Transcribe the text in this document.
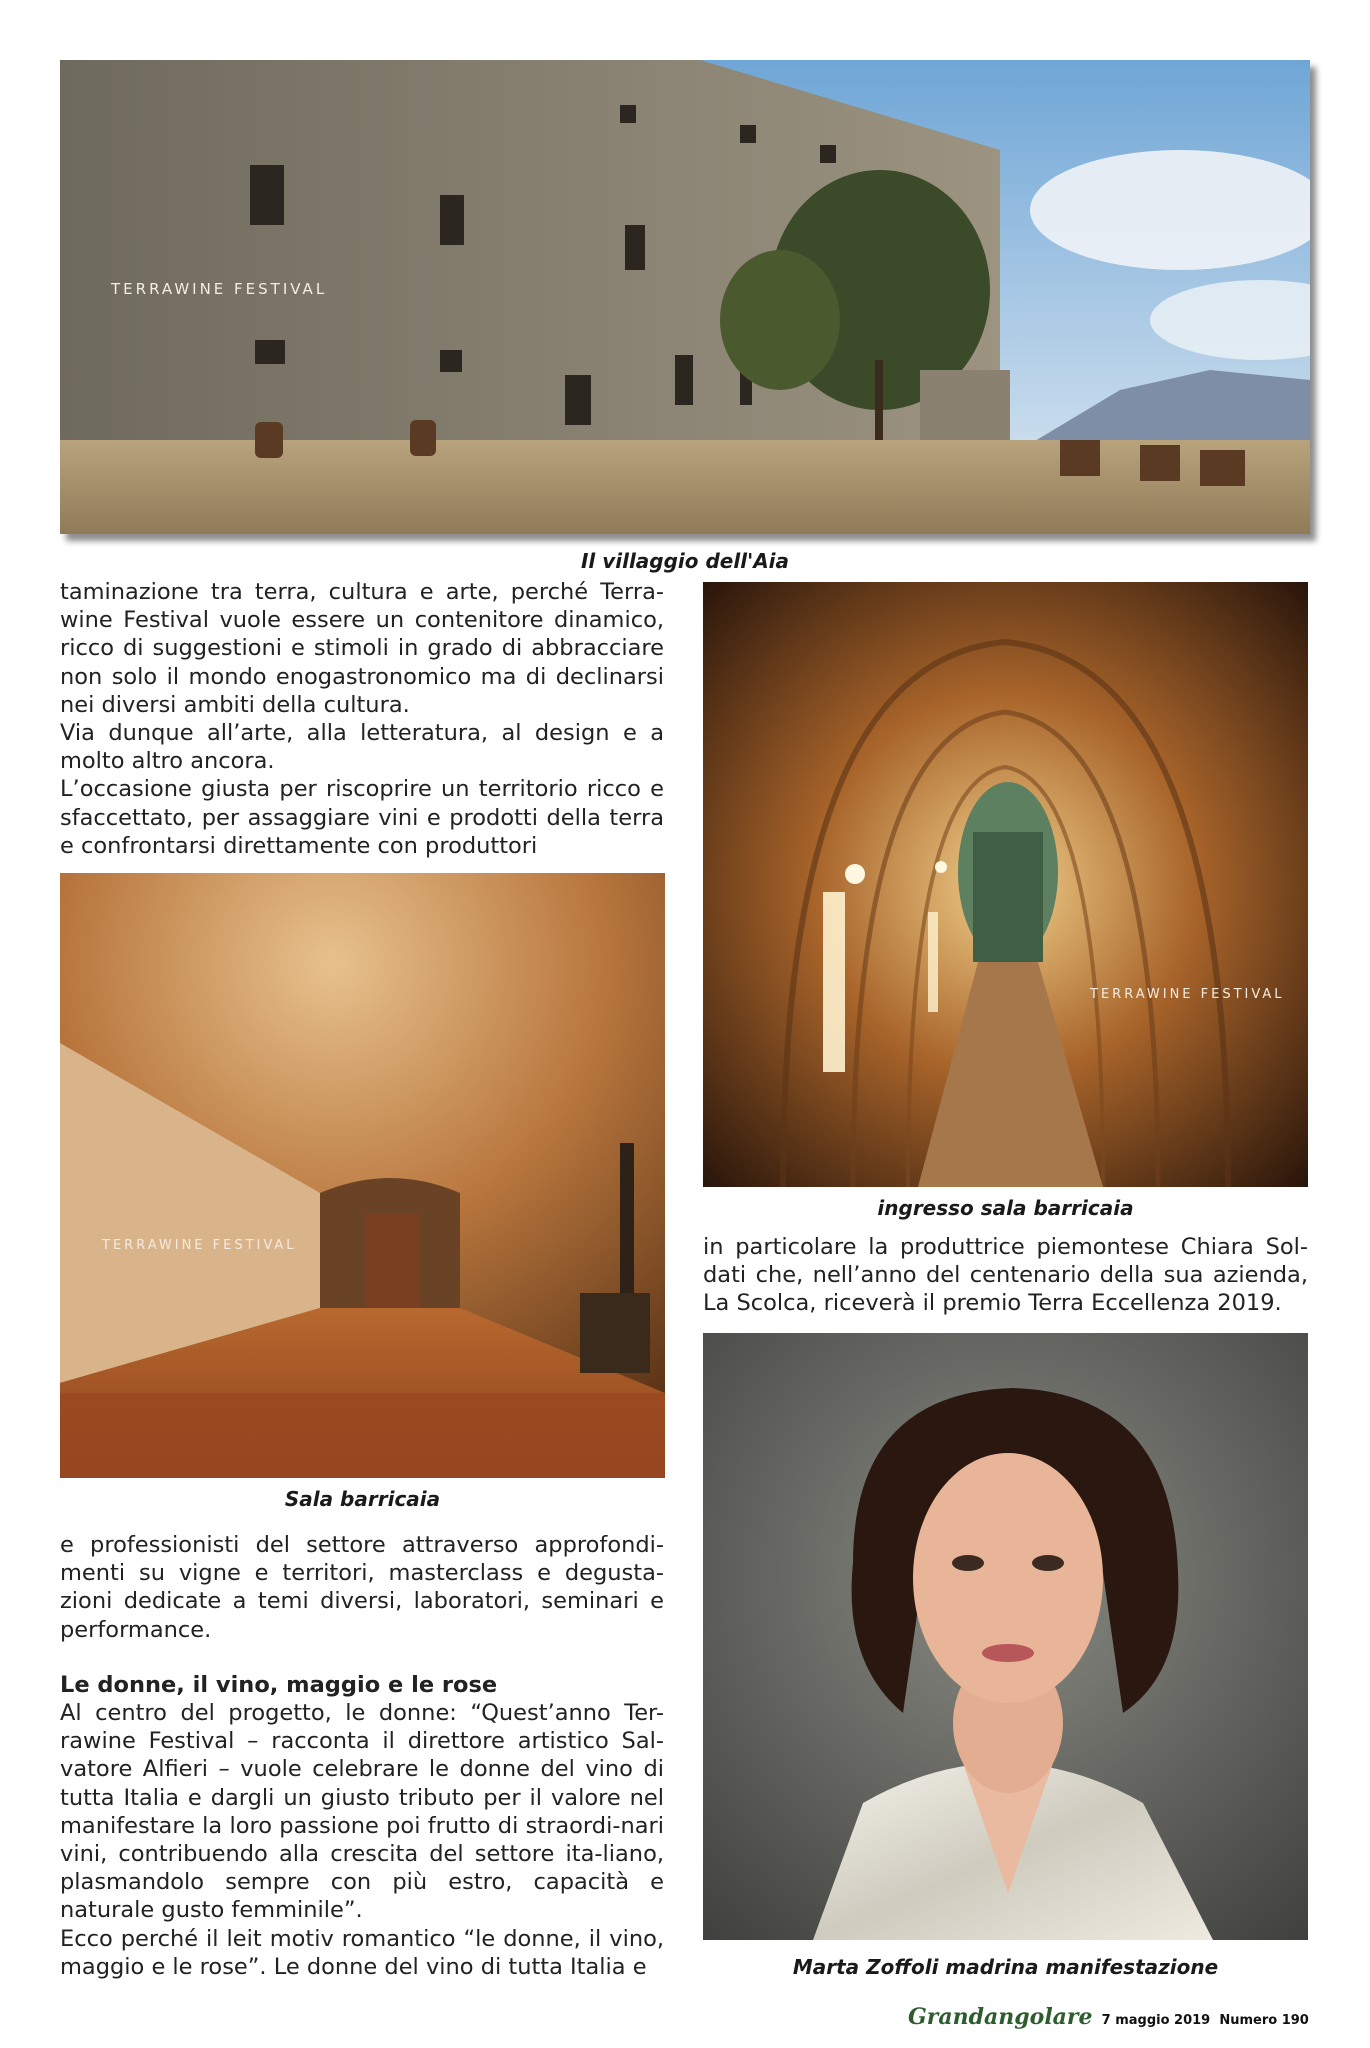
TERRAWINE FESTIVAL
Il villaggio dell'Aia

taminazione tra terra, cultura e arte, perché Terra-wine Festival vuole essere un contenitore dinamico, ricco di suggestioni e stimoli in grado di abbracciare non solo il mondo enogastronomico ma di declinarsi nei diversi ambiti della cultura.

Via dunque all’arte, alla letteratura, al design e a molto altro ancora.

L’occasione giusta per riscoprire un territorio ricco e sfaccettato, per assaggiare vini e prodotti della terra e confrontarsi direttamente con produttori

TERRAWINE FESTIVAL
ingresso sala barricaia
TERRAWINE FESTIVAL
Sala barricaia

in particolare la produttrice piemontese Chiara Sol-dati che, nell’anno del centenario della sua azienda, La Scolca, riceverà il premio Terra Eccellenza 2019.

Marta Zoffoli madrina manifestazione

e professionisti del settore attraverso approfondi-menti su vigne e territori, masterclass e degusta-zioni dedicate a temi diversi, laboratori, seminari e performance.

Le donne, il vino, maggio e le rose

Al centro del progetto, le donne: “Quest’anno Ter-rawine Festival – racconta il direttore artistico Sal-vatore Alfieri – vuole celebrare le donne del vino di tutta Italia e dargli un giusto tributo per il valore nel manifestare la loro passione poi frutto di straordi-nari vini, contribuendo alla crescita del settore ita-liano, plasmandolo sempre con più estro, capacità e naturale gusto femminile”.

Ecco perché il leit motiv romantico “le donne, il vino, maggio e le rose”. Le donne del vino di tutta Italia e

Grandangolare 7 maggio 2019 Numero 190
